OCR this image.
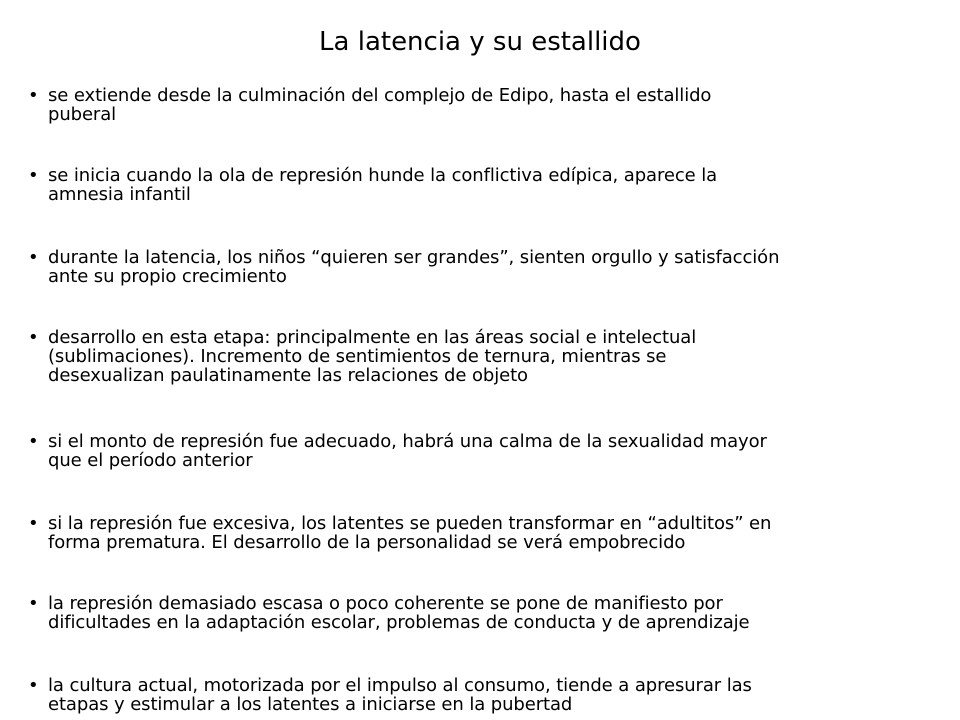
La latencia y su estallido
• se extiende desde la culminación del complejo de Edipo, hasta el estallido
puberal
• se inicia cuando la ola de represión hunde la conflictiva edípica, aparece la
amnesia infantil
• durante la latencia, los niños “quieren ser grandes”, sienten orgullo y satisfacción
ante su propio crecimiento
• desarrollo en esta etapa: principalmente en las áreas social e intelectual
(sublimaciones). Incremento de sentimientos de ternura, mientras se
desexualizan paulatinamente las relaciones de objeto
• si el monto de represión fue adecuado, habrá una calma de la sexualidad mayor
que el período anterior
• si la represión fue excesiva, los latentes se pueden transformar en “adultitos” en
forma prematura. El desarrollo de la personalidad se verá empobrecido
• la represión demasiado escasa o poco coherente se pone de manifiesto por
dificultades en la adaptación escolar, problemas de conducta y de aprendizaje
• la cultura actual, motorizada por el impulso al consumo, tiende a apresurar las
etapas y estimular a los latentes a iniciarse en la pubertad
